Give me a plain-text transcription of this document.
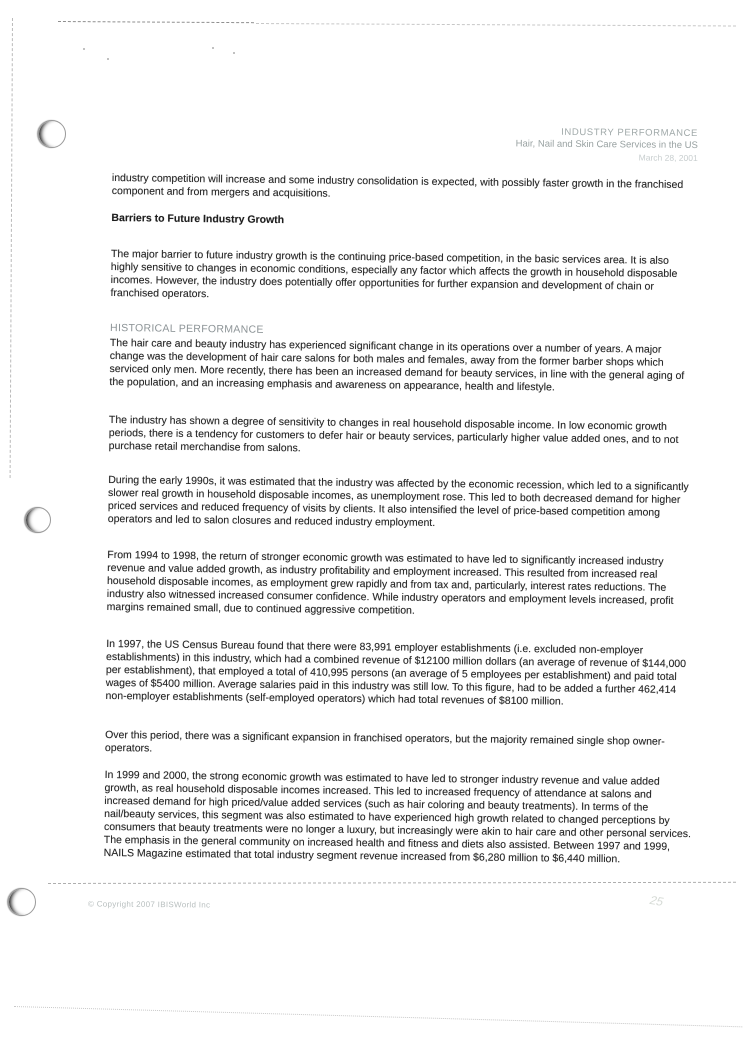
INDUSTRY PERFORMANCE
Hair, Nail and Skin Care Services in the US
March 28, 2001
industry competition will increase and some industry consolidation is expected, with possibly faster growth in the franchised component and from mergers and acquisitions.
Barriers to Future Industry Growth
The major barrier to future industry growth is the continuing price-based competition, in the basic services area. It is also highly sensitive to changes in economic conditions, especially any factor which affects the growth in household disposable incomes. However, the industry does potentially offer opportunities for further expansion and development of chain or franchised operators.
HISTORICAL PERFORMANCE
The hair care and beauty industry has experienced significant change in its operations over a number of years. A major change was the development of hair care salons for both males and females, away from the former barber shops which serviced only men. More recently, there has been an increased demand for beauty services, in line with the general aging of the population, and an increasing emphasis and awareness on appearance, health and lifestyle.
The industry has shown a degree of sensitivity to changes in real household disposable income. In low economic growth periods, there is a tendency for customers to defer hair or beauty services, particularly higher value added ones, and to not purchase retail merchandise from salons.
During the early 1990s, it was estimated that the industry was affected by the economic recession, which led to a significantly slower real growth in household disposable incomes, as unemployment rose. This led to both decreased demand for higher priced services and reduced frequency of visits by clients. It also intensified the level of price-based competition among operators and led to salon closures and reduced industry employment.
From 1994 to 1998, the return of stronger economic growth was estimated to have led to significantly increased industry revenue and value added growth, as industry profitability and employment increased. This resulted from increased real household disposable incomes, as employment grew rapidly and from tax and, particularly, interest rates reductions. The industry also witnessed increased consumer confidence. While industry operators and employment levels increased, profit margins remained small, due to continued aggressive competition.
In 1997, the US Census Bureau found that there were 83,991 employer establishments (i.e. excluded non-employer establishments) in this industry, which had a combined revenue of $12100 million dollars (an average of revenue of $144,000 per establishment), that employed a total of 410,995 persons (an average of 5 employees per establishment) and paid total wages of $5400 million. Average salaries paid in this industry was still low. To this figure, had to be added a further 462,414 non-employer establishments (self-employed operators) which had total revenues of $8100 million.
Over this period, there was a significant expansion in franchised operators, but the majority remained single shop owner-operators.
In 1999 and 2000, the strong economic growth was estimated to have led to stronger industry revenue and value added growth, as real household disposable incomes increased. This led to increased frequency of attendance at salons and increased demand for high priced/value added services (such as hair coloring and beauty treatments). In terms of the nail/beauty services, this segment was also estimated to have experienced high growth related to changed perceptions by consumers that beauty treatments were no longer a luxury, but increasingly were akin to hair care and other personal services. The emphasis in the general community on increased health and fitness and diets also assisted. Between 1997 and 1999, NAILS Magazine estimated that total industry segment revenue increased from $6,280 million to $6,440 million.
© Copyright 2007 IBISWorld Inc	25
